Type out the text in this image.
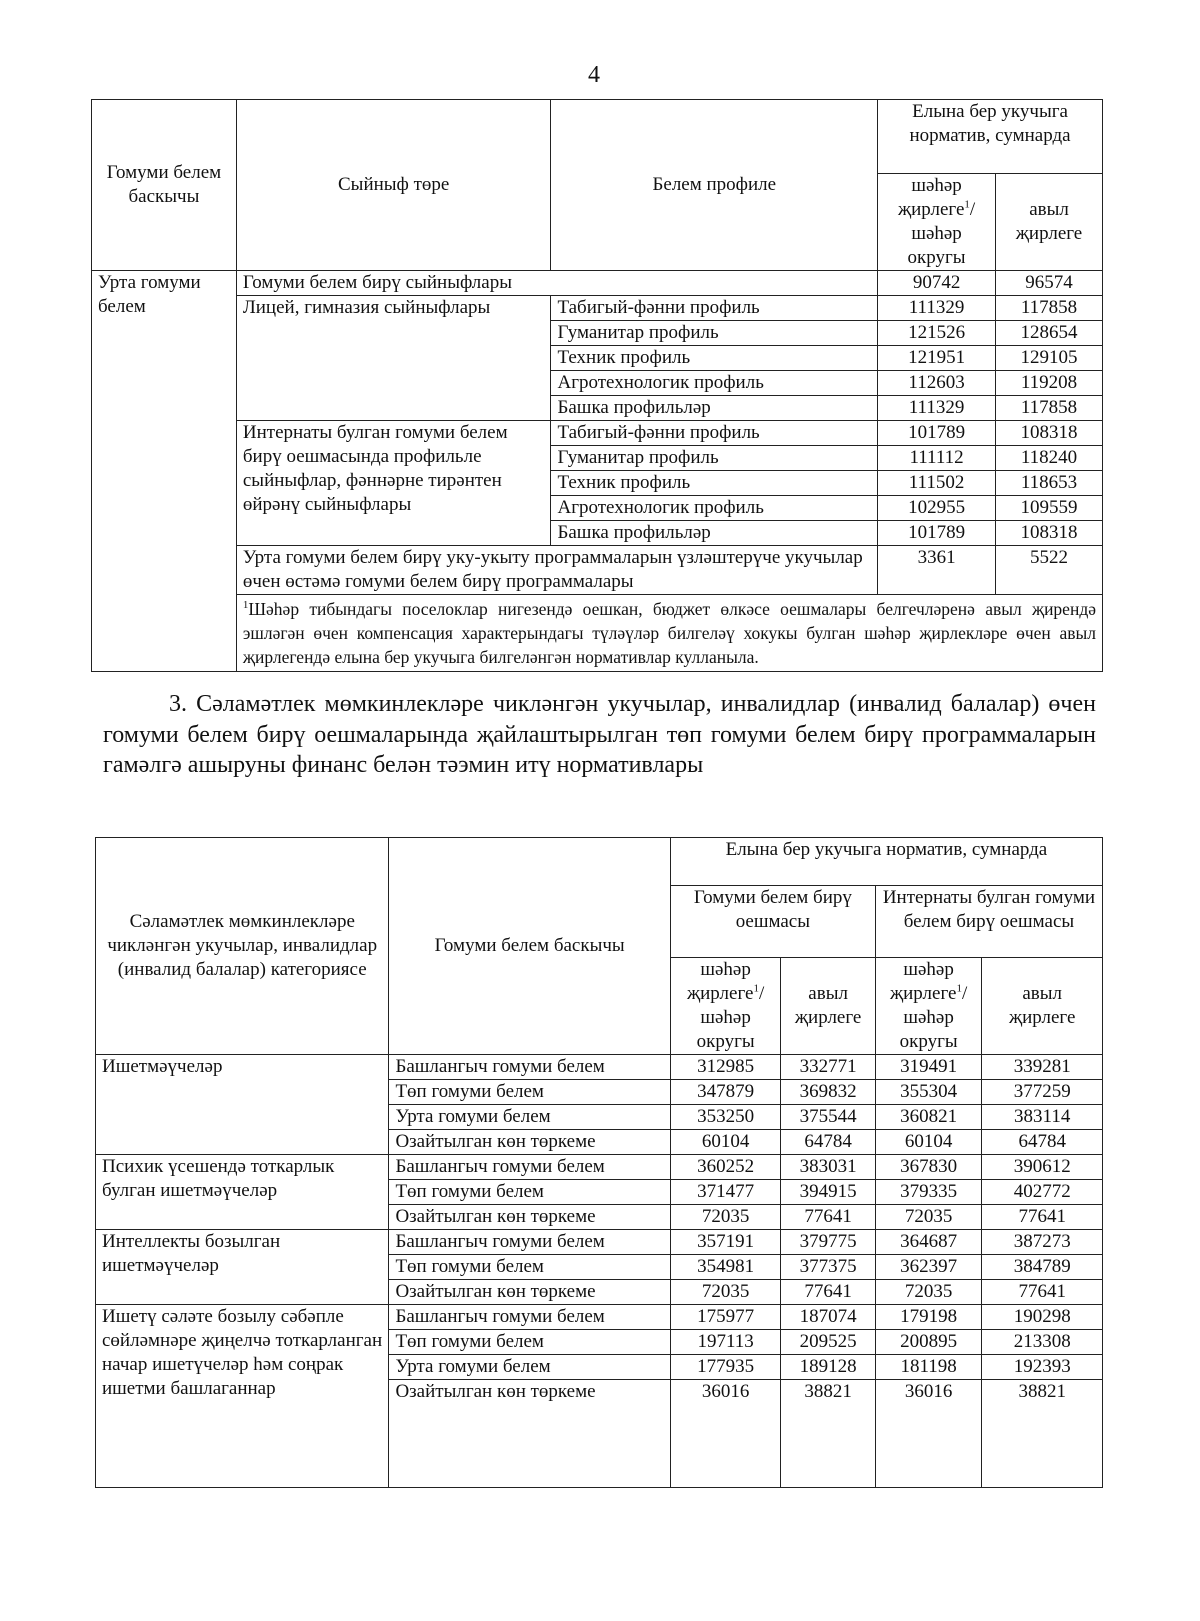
4
Гомуми белем баскычы	Сыйныф төре	Белем профиле	Елына бер укучыга норматив, сумнарда	
			шәһәр җирлеге$^1$/ шәһәр округы	авыл җирлеге
Урта гомуми белем	Гомуми белем бирү сыйныфлары		90742	96574
	Лицей, гимназия сыйныфлары	Табигый-фәнни профиль	111329	117858
		Гуманитар профиль	121526	128654
		Техник профиль	121951	129105
		Агротехнологик профиль	112603	119208
		Башка профильләр	111329	117858
	Интернаты булган гомуми белем бирү оешмасында профильле сыйныфлар, фәннәрне тирәнтен өйрәнү сыйныфлары	Табигый-фәнни профиль	101789	108318
		Гуманитар профиль	111112	118240
		Техник профиль	111502	118653
		Агротехнологик профиль	102955	109559
		Башка профильләр	101789	108318
	Урта гомуми белем бирү уку-укыту программаларын үзләштерүче укучылар өчен өстәмә гомуми белем бирү программалары		3361	5522
	$^1$Шәһәр тибындагы поселоклар нигезендә оешкан, бюджет өлкәсе оешмалары белгечләренә авыл җирендә эшләгән өчен компенсация характерындагы түләүләр билгеләү хокукы булган шәһәр җирлекләре өчен авыл җирлегендә елына бер укучыга билгеләнгән нормативлар кулланыла.			
3. Сәламәтлек мөмкинлекләре чикләнгән укучылар, инвалидлар (инвалид балалар) өчен гомуми белем бирү оешмаларында җайлаштырылган төп гомуми белем бирү программаларын гамәлгә ашыруны финанс белән тәэмин итү нормативлары
Сәламәтлек мөмкинлекләре чикләнгән укучылар, инвалидлар (инвалид балалар) категориясе	Гомуми белем баскычы	Елына бер укучыга норматив, сумнарда			
		Гомуми белем бирү оешмасы		Интернаты булган гомуми белем бирү оешмасы	
		шәһәр җирлеге$^1$/ шәһәр округы	авыл җирлеге	шәһәр җирлеге$^1$/ шәһәр округы	авыл җирлеге
Ишетмәүчеләр	Башлангыч гомуми белем	312985	332771	319491	339281
	Төп гомуми белем	347879	369832	355304	377259
	Урта гомуми белем	353250	375544	360821	383114
	Озайтылган көн төркеме	60104	64784	60104	64784
Психик үсешендә тоткарлык булган ишетмәүчеләр	Башлангыч гомуми белем	360252	383031	367830	390612
	Төп гомуми белем	371477	394915	379335	402772
	Озайтылган көн төркеме	72035	77641	72035	77641
Интеллекты бозылган ишетмәүчеләр	Башлангыч гомуми белем	357191	379775	364687	387273
	Төп гомуми белем	354981	377375	362397	384789
	Озайтылган көн төркеме	72035	77641	72035	77641
Ишетү сәләте бозылу сәбәпле сөйләмнәре җиңелчә тоткарланган начар ишетүчеләр һәм соңрак ишетми башлаганнар	Башлангыч гомуми белем	175977	187074	179198	190298
	Төп гомуми белем	197113	209525	200895	213308
	Урта гомуми белем	177935	189128	181198	192393
	Озайтылган көн төркеме	36016	38821	36016	38821
